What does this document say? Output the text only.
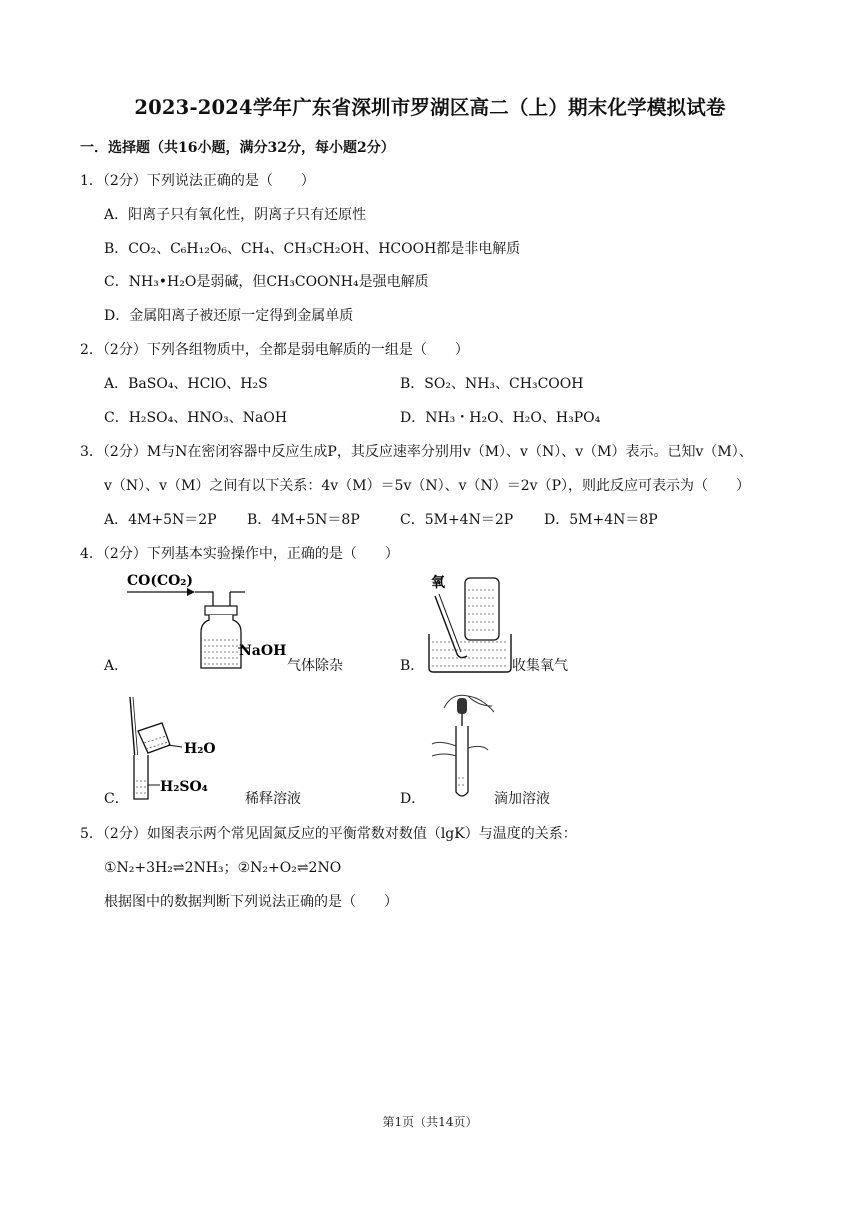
2023-2024学年广东省深圳市罗湖区高二（上）期末化学模拟试卷
一．选择题（共16小题，满分32分，每小题2分）
1．（2分）下列说法正确的是（　　）
A．阳离子只有氧化性，阴离子只有还原性
B．CO₂、C₆H₁₂O₆、CH₄、CH₃CH₂OH、HCOOH都是非电解质
C．NH₃•H₂O是弱碱，但CH₃COONH₄是强电解质
D．金属阳离子被还原一定得到金属单质
2．（2分）下列各组物质中，全都是弱电解质的一组是（　　）
A．BaSO₄、HClO、H₂S	B．SO₂、NH₃、CH₃COOH
C．H₂SO₄、HNO₃、NaOH	D．NH₃・H₂O、H₂O、H₃PO₄
3．（2分）M与N在密闭容器中反应生成P，其反应速率分别用v（M）、v（N）、v（M）表示。已知v（M）、
v（N）、v（M）之间有以下关系：4v（M）＝5v（N）、v（N）＝2v（P），则此反应可表示为（　　）
A．4M+5N＝2P B．4M+5N＝8P	C．5M+4N＝2P D．5M+4N＝8P
4．（2分）下列基本实验操作中，正确的是（　　）
A．
CO(CO₂)
NaOH
气体除杂	B．
氧
收集氧气
C．
H₂O
H₂SO₄
稀释溶液	D．	滴加溶液
5．（2分）如图表示两个常见固氮反应的平衡常数对数值（lgK）与温度的关系：
①N₂+3H₂⇌2NH₃；②N₂+O₂⇌2NO
根据图中的数据判断下列说法正确的是（　　）
第1页（共14页）
